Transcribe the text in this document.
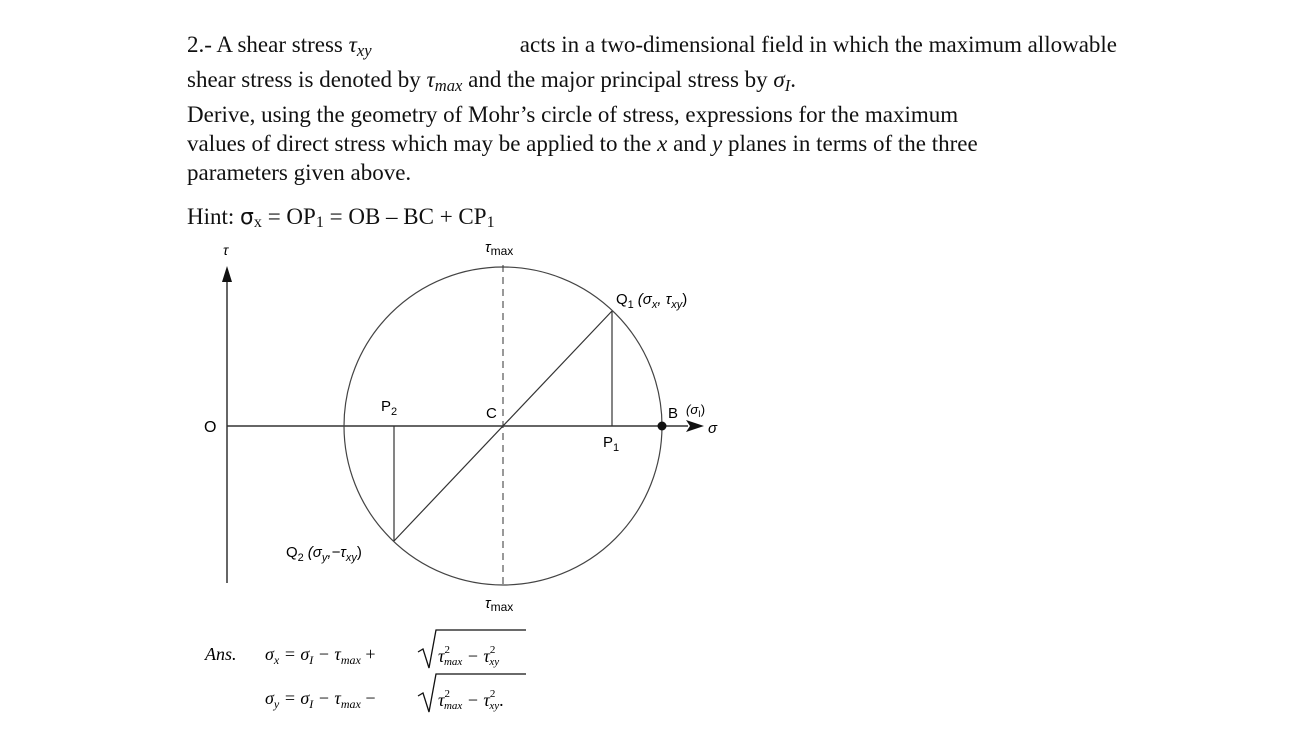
2.- A shear stress $\tau_{xy}$	acts in a two-dimensional field in which the maximum allowable

shear stress is denoted by $\tau_{max}$ and the major principal stress by $\sigma_I$.

Derive, using the geometry of Mohr’s circle of stress, expressions for the maximum

values of direct stress which may be applied to the x and y planes in terms of the three

parameters given above.

Hint: σx = OP1 = OB – BC + CP1
τ
σ
O
$\tau_{max}$
$\tau_{max}$
C
$P_2$
$P_1$
B $(\sigma_I)$
$Q_1$ ($\sigma_x$, $\tau_{xy}$)
$Q_2$ $(\sigma_y,-\tau_{xy})$
Ans. $\sigma_x = \sigma_I - \tau_{max}$ +	$\tau^2$ $\max - \tau^2$ xy
$\sigma_y = \sigma_I - \tau_{max}$ −	$\tau^2$ $\max - \tau^2$ xy.
